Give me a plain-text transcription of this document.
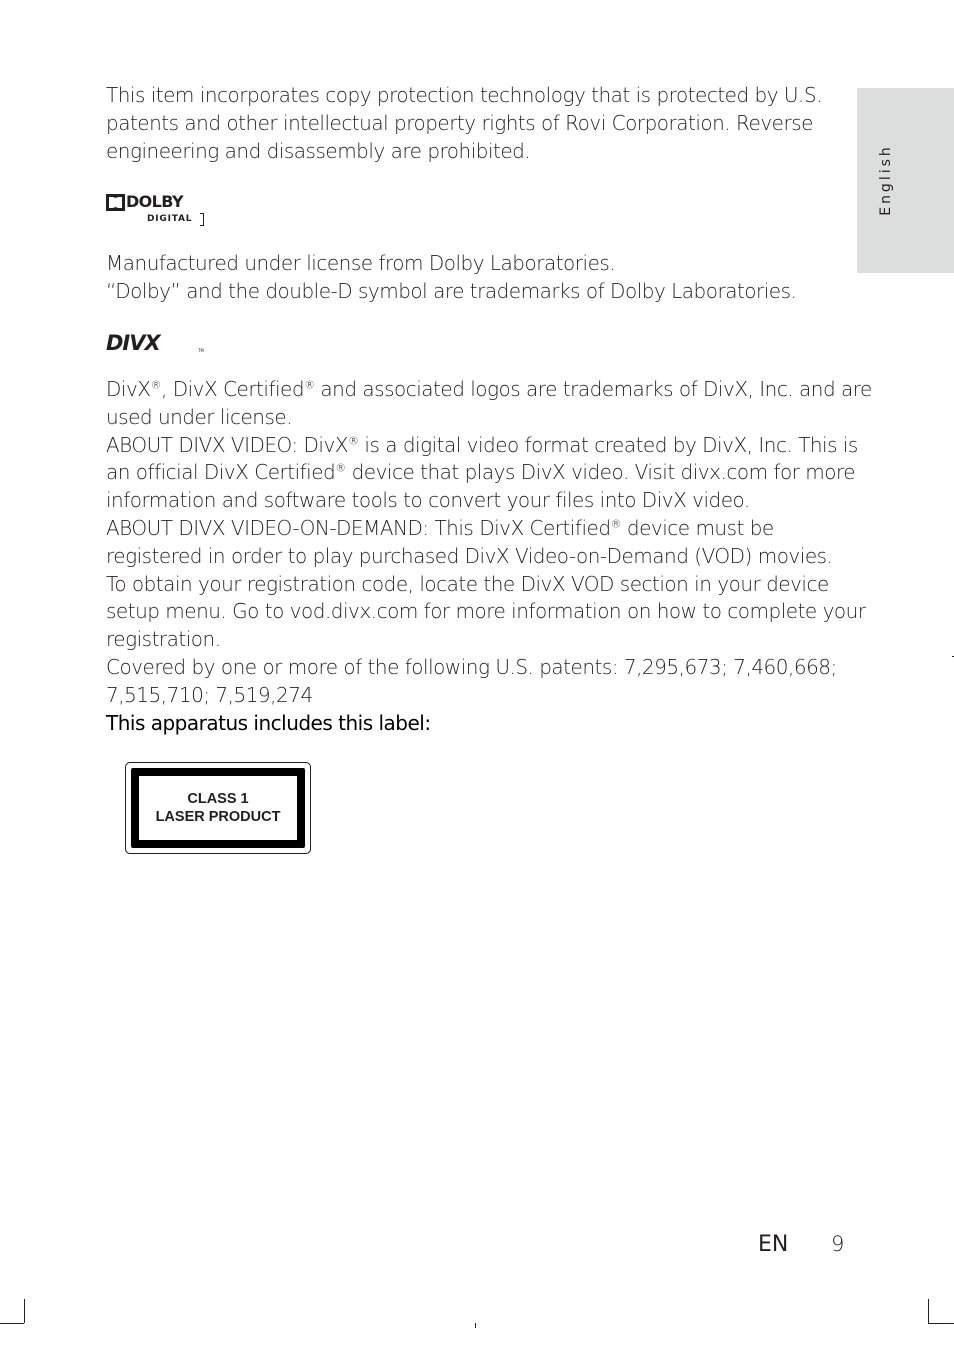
English
This item incorporates copy protection technology that is protected by U.S.
patents and other intellectual property rights of Rovi Corporation. Reverse
engineering and disassembly are prohibited.
DOLBY
DIGITAL
Manufactured under license from Dolby Laboratories.
“Dolby” and the double-D symbol are trademarks of Dolby Laboratories.
DIVX	TM
DivX®, DivX Certified® and associated logos are trademarks of DivX, Inc. and are
used under license.
ABOUT DIVX VIDEO: DivX® is a digital video format created by DivX, Inc. This is
an official DivX Certified® device that plays DivX video. Visit divx.com for more
information and software tools to convert your files into DivX video.
ABOUT DIVX VIDEO-ON-DEMAND: This DivX Certified® device must be
registered in order to play purchased DivX Video-on-Demand (VOD) movies.
To obtain your registration code, locate the DivX VOD section in your device
setup menu. Go to vod.divx.com for more information on how to complete your
registration.
Covered by one or more of the following U.S. patents: 7,295,673; 7,460,668;
7,515,710; 7,519,274
This apparatus includes this label:
CLASS 1
LASER PRODUCT
EN 9
